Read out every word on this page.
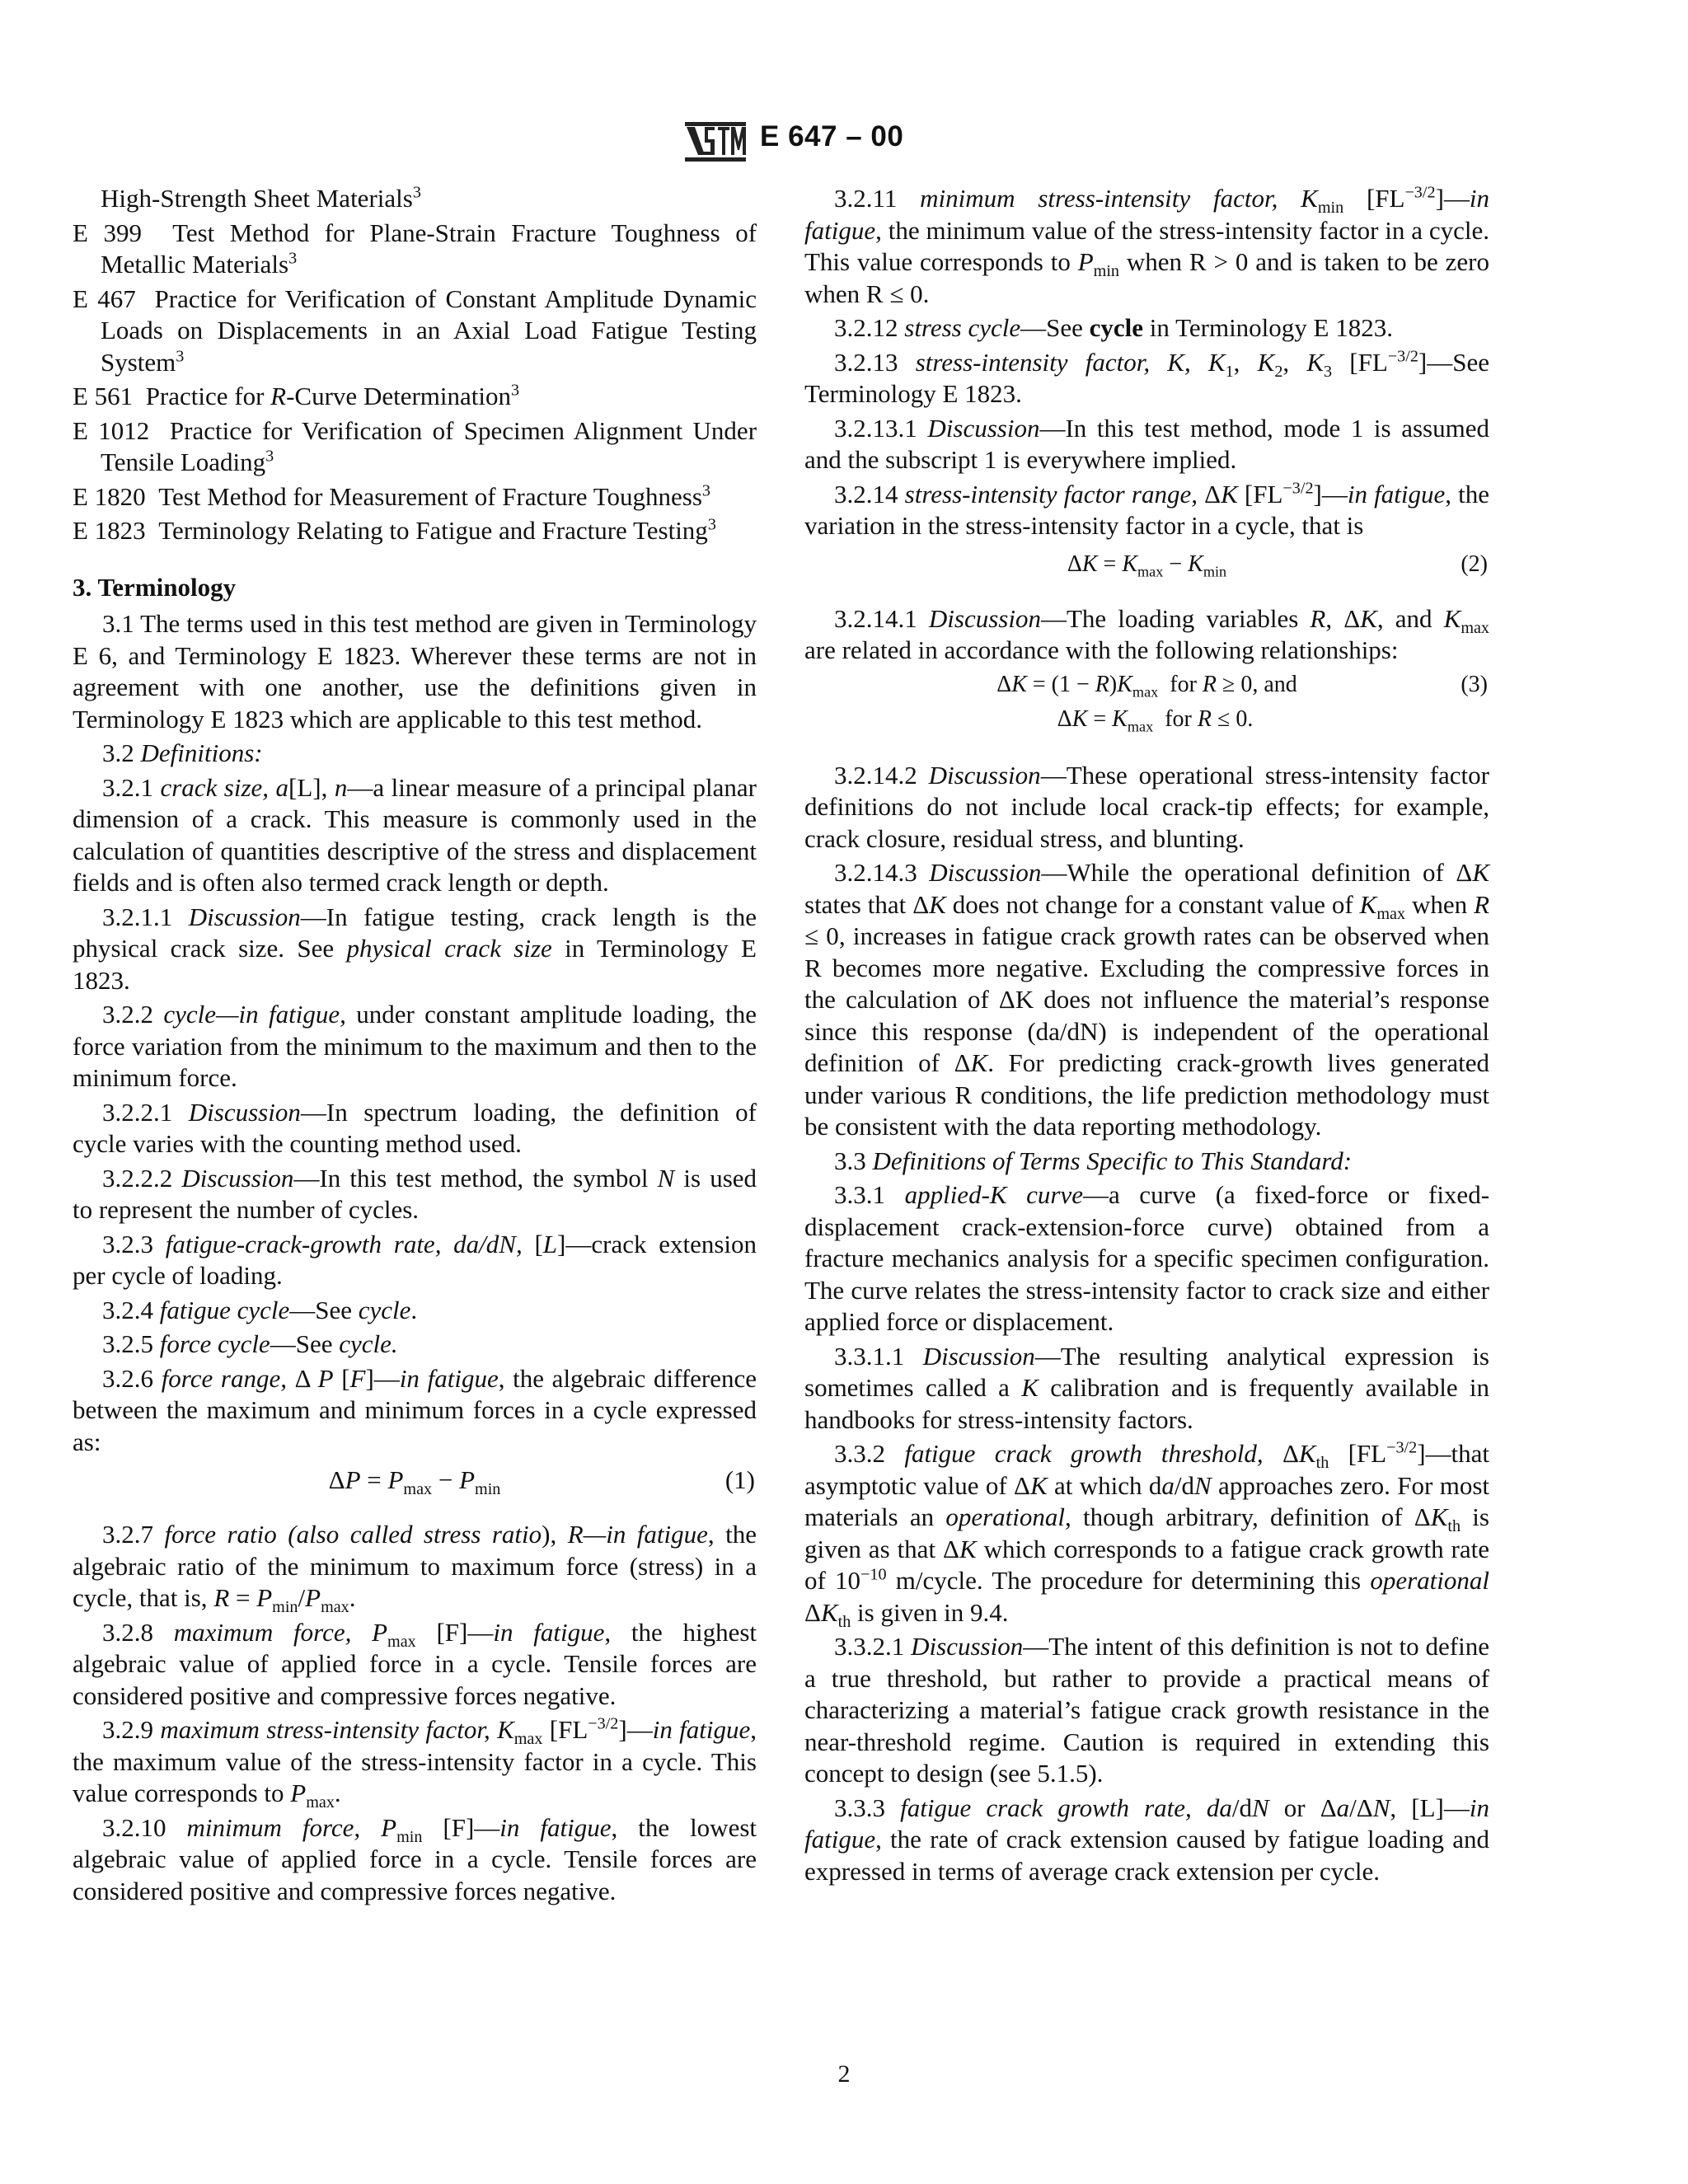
E 647 – 00
High-Strength Sheet Materials$^3$
E 399 Test Method for Plane-Strain Fracture Toughness of Metallic Materials$^3$
E 467 Practice for Verification of Constant Amplitude Dynamic Loads on Displacements in an Axial Load Fatigue Testing System$^3$
E 561 Practice for R-Curve Determination$^3$
E 1012 Practice for Verification of Specimen Alignment Under Tensile Loading$^3$
E 1820 Test Method for Measurement of Fracture Toughness$^3$
E 1823 Terminology Relating to Fatigue and Fracture Testing$^3$
3. Terminology

3.1 The terms used in this test method are given in Terminology E 6, and Terminology E 1823. Wherever these terms are not in agreement with one another, use the definitions given in Terminology E 1823 which are applicable to this test method.

3.2 Definitions:

3.2.1 crack size, a[L], n—a linear measure of a principal planar dimension of a crack. This measure is commonly used in the calculation of quantities descriptive of the stress and displacement fields and is often also termed crack length or depth.

3.2.1.1 Discussion—In fatigue testing, crack length is the physical crack size. See physical crack size in Terminology E 1823.

3.2.2 cycle—in fatigue, under constant amplitude loading, the force variation from the minimum to the maximum and then to the minimum force.

3.2.2.1 Discussion—In spectrum loading, the definition of cycle varies with the counting method used.

3.2.2.2 Discussion—In this test method, the symbol N is used to represent the number of cycles.

3.2.3 fatigue-crack-growth rate, da/dN, [L]—crack extension per cycle of loading.

3.2.4 fatigue cycle—See cycle.

3.2.5 force cycle—See cycle.

3.2.6 force range, Δ P [F]—in fatigue, the algebraic difference between the maximum and minimum forces in a cycle expressed as:

$\Delta P = P_{max} - P_{min}$	(1)

3.2.7 force ratio (also called stress ratio), R—in fatigue, the algebraic ratio of the minimum to maximum force (stress) in a cycle, that is, $R = P_{min}/P_{max}$.

3.2.8 maximum force, $P_{max}$ [F]—in fatigue, the highest algebraic value of applied force in a cycle. Tensile forces are considered positive and compressive forces negative.

3.2.9 maximum stress-intensity factor, $K_{max}$ $[FL^{-3/2}]—in$ fatigue, the maximum value of the stress-intensity factor in a cycle. This value corresponds to $P_{max}$.

3.2.10 minimum force, $P_{min}$ [F]—in fatigue, the lowest algebraic value of applied force in a cycle. Tensile forces are considered positive and compressive forces negative.

3.2.11 minimum stress-intensity factor, $K_{min}$ $[FL^{-3/2}]—in$ fatigue, the minimum value of the stress-intensity factor in a cycle. This value corresponds to $P_{min}$ when R > 0 and is taken to be zero when R ≤ 0.

3.2.12 stress cycle—See cycle in Terminology E 1823.

3.2.13 stress-intensity factor, K, $K_1$, $K_2$, $K_3$ $[FL^{-3/2}]—See$ Terminology E 1823.

3.2.13.1 Discussion—In this test method, mode 1 is assumed and the subscript 1 is everywhere implied.

3.2.14 stress-intensity factor range, ΔK $[FL^{-3/2}]—in$ fatigue, the variation in the stress-intensity factor in a cycle, that is

$\Delta K = K_{max} - K_{min}$	(2)

3.2.14.1 Discussion—The loading variables R, ΔK, and $K_{max}$ are related in accordance with the following relationships:

$\Delta K = (1 - R)K_{max}$  for R ≥ 0, and
$\Delta K = K_{max}$  for R ≤ 0.
(3)

3.2.14.2 Discussion—These operational stress-intensity factor definitions do not include local crack-tip effects; for example, crack closure, residual stress, and blunting.

3.2.14.3 Discussion—While the operational definition of ΔK states that ΔK does not change for a constant value of $K_{max}$ when R ≤ 0, increases in fatigue crack growth rates can be observed when R becomes more negative. Excluding the compressive forces in the calculation of ΔK does not influence the material’s response since this response (da/dN) is independent of the operational definition of ΔK. For predicting crack-growth lives generated under various R conditions, the life prediction methodology must be consistent with the data reporting methodology.

3.3 Definitions of Terms Specific to This Standard:

3.3.1 applied-K curve—a curve (a fixed-force or fixed-displacement crack-extension-force curve) obtained from a fracture mechanics analysis for a specific specimen configuration. The curve relates the stress-intensity factor to crack size and either applied force or displacement.

3.3.1.1 Discussion—The resulting analytical expression is sometimes called a K calibration and is frequently available in handbooks for stress-intensity factors.

3.3.2 fatigue crack growth threshold, $\Delta K_{th}$ $[FL^{-3/2}]—that$ asymptotic value of ΔK at which da/dN approaches zero. For most materials an operational, though arbitrary, definition of $\Delta K_{th}$ is given as that ΔK which corresponds to a fatigue crack growth rate of $10^{-10}$ m/cycle. The procedure for determining this operational $\Delta K_{th}$ is given in 9.4.

3.3.2.1 Discussion—The intent of this definition is not to define a true threshold, but rather to provide a practical means of characterizing a material’s fatigue crack growth resistance in the near-threshold regime. Caution is required in extending this concept to design (see 5.1.5).

3.3.3 fatigue crack growth rate, da/dN or Δa/ΔN, [L]—in fatigue, the rate of crack extension caused by fatigue loading and expressed in terms of average crack extension per cycle.

2
